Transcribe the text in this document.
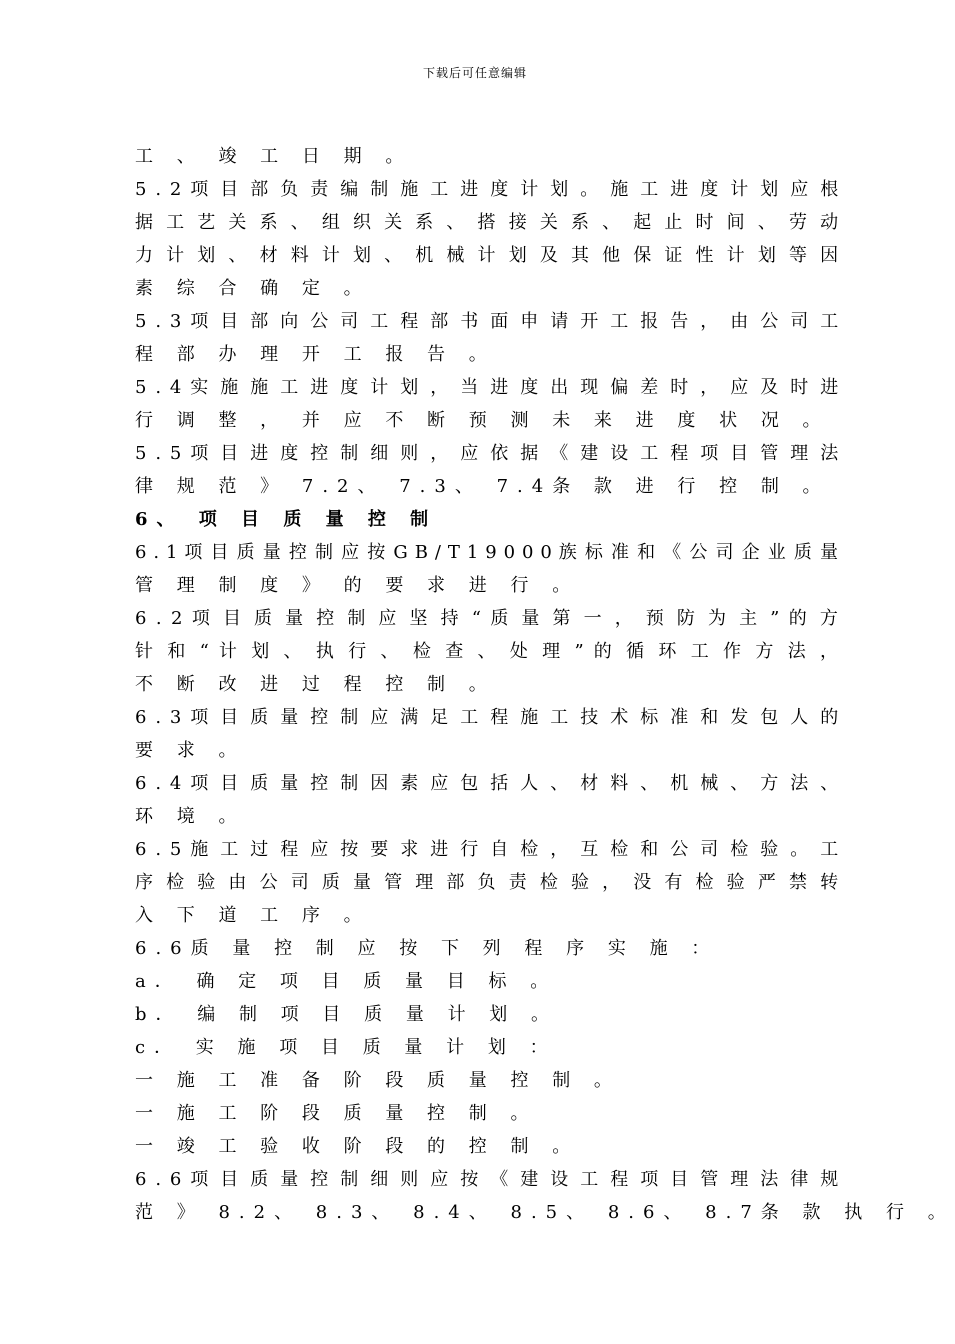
下载后可任意编辑
工 、 竣 工 日 期 。
5 . 2 项 目 部 负 责 编 制 施 工 进 度 计 划 。 施 工 进 度 计 划 应 根
据 工 艺 关 系 、 组 织 关 系 、 搭 接 关 系 、 起 止 时 间 、 劳 动
力 计 划 、 材 料 计 划 、 机 械 计 划 及 其 他 保 证 性 计 划 等 因
素 综 合 确 定 。
5 . 3 项 目 部 向 公 司 工 程 部 书 面 申 请 开 工 报 告 ， 由 公 司 工
程 部 办 理 开 工 报 告 。
5 . 4 实 施 施 工 进 度 计 划 ， 当 进 度 出 现 偏 差 时 ， 应 及 时 进
行 调 整 ， 并 应 不 断 预 测 未 来 进 度 状 况 。
5 . 5 项 目 进 度 控 制 细 则 ， 应 依 据 《 建 设 工 程 项 目 管 理 法
律 规 范 》 7.2、 7.3、 7.4条 款 进 行 控 制 。
6、 项 目 质 量 控 制
6 . 1 项 目 质 量 控 制 应 按 G B / T 1 9 0 0 0 族 标 准 和 《 公 司 企 业 质 量
管 理 制 度 》 的 要 求 进 行 。
6 . 2 项 目 质 量 控 制 应 坚 持 “ 质 量 第 一 ， 预 防 为 主 ” 的 方
针 和 “ 计 划 、 执 行 、 检 查 、 处 理 ” 的 循 环 工 作 方 法 ，
不 断 改 进 过 程 控 制 。
6 . 3 项 目 质 量 控 制 应 满 足 工 程 施 工 技 术 标 准 和 发 包 人 的
要 求 。
6 . 4 项 目 质 量 控 制 因 素 应 包 括 人 、 材 料 、 机 械 、 方 法 、
环 境 。
6 . 5 施 工 过 程 应 按 要 求 进 行 自 检 ， 互 检 和 公 司 检 验 。 工
序 检 验 由 公 司 质 量 管 理 部 负 责 检 验 ， 没 有 检 验 严 禁 转
入 下 道 工 序 。
6.6质 量 控 制 应 按 下 列 程 序 实 施 ：
a． 确 定 项 目 质 量 目 标 。
b． 编 制 项 目 质 量 计 划 。
c． 实 施 项 目 质 量 计 划 ：
一 施 工 准 备 阶 段 质 量 控 制 。
一 施 工 阶 段 质 量 控 制 。
一 竣 工 验 收 阶 段 的 控 制 。
6 . 6 项 目 质 量 控 制 细 则 应 按 《 建 设 工 程 项 目 管 理 法 律 规
范 》 8.2、 8.3、 8.4、 8.5、 8.6、 8.7条 款 执 行 。
